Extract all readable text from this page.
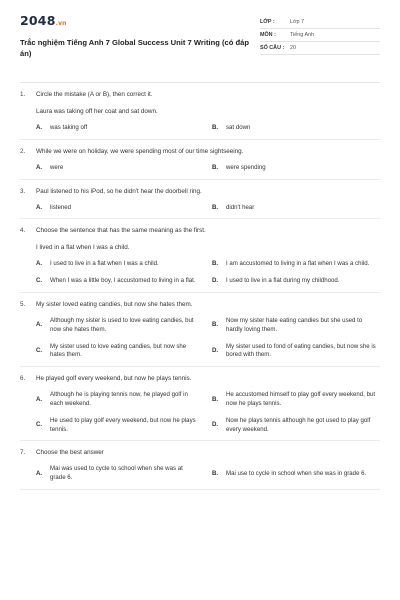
2048.vn
Trắc nghiệm Tiếng Anh 7 Global Success Unit 7 Writing (có đáp án)
LỚP :	Lớp 7
MÔN :	Tiếng Anh
SỐ CÂU :	20
1.	Circle the mistake (A or B), then correct it.
Laura was taking off her coat and sat down.
A.	was taking off	B.	sat down
2.	While we were on holiday, we were spending most of our time sightseeing.
A.	were	B.	were spending
3.	Paul listened to his iPod, so he didn't hear the doorbell ring.
A.	listened	B.	didn't hear
4.	Choose the sentence that has the same meaning as the first.
I lived in a flat when I was a child.
A.	I used to live in a flat when I was a child.	B.	I am accustomed to living in a flat when I was a child.
C.	When I was a little boy, I accustomed to living in a flat.	D.	I used to live in a flat during my childhood.
5.	My sister loved eating candies, but now she hates them.
A.
Although my sister is used to love eating candies, but now she hates them.
B.
Now my sister hate eating candies but she used to hardly loving them.
C.
My sister used to love eating candies, but now she hates them.
D.
My sister used to fond of eating candies, but now she is bored with them.
6.	He played golf every weekend, but now he plays tennis.
A.
Although he is playing tennis now, he played golf in each weekend.
B.
He accustomed himself to play golf every weekend, but now he plays tennis.
C.
He used to play golf every weekend, but now he plays tennis.
D.
Now he plays tennis although he got used to play golf every weekend.
7.	Choose the best answer
A.
Mai was used to cycle to school when she was at grade 6.
B.	Mai use to cycle in school when she was in grade 6.
